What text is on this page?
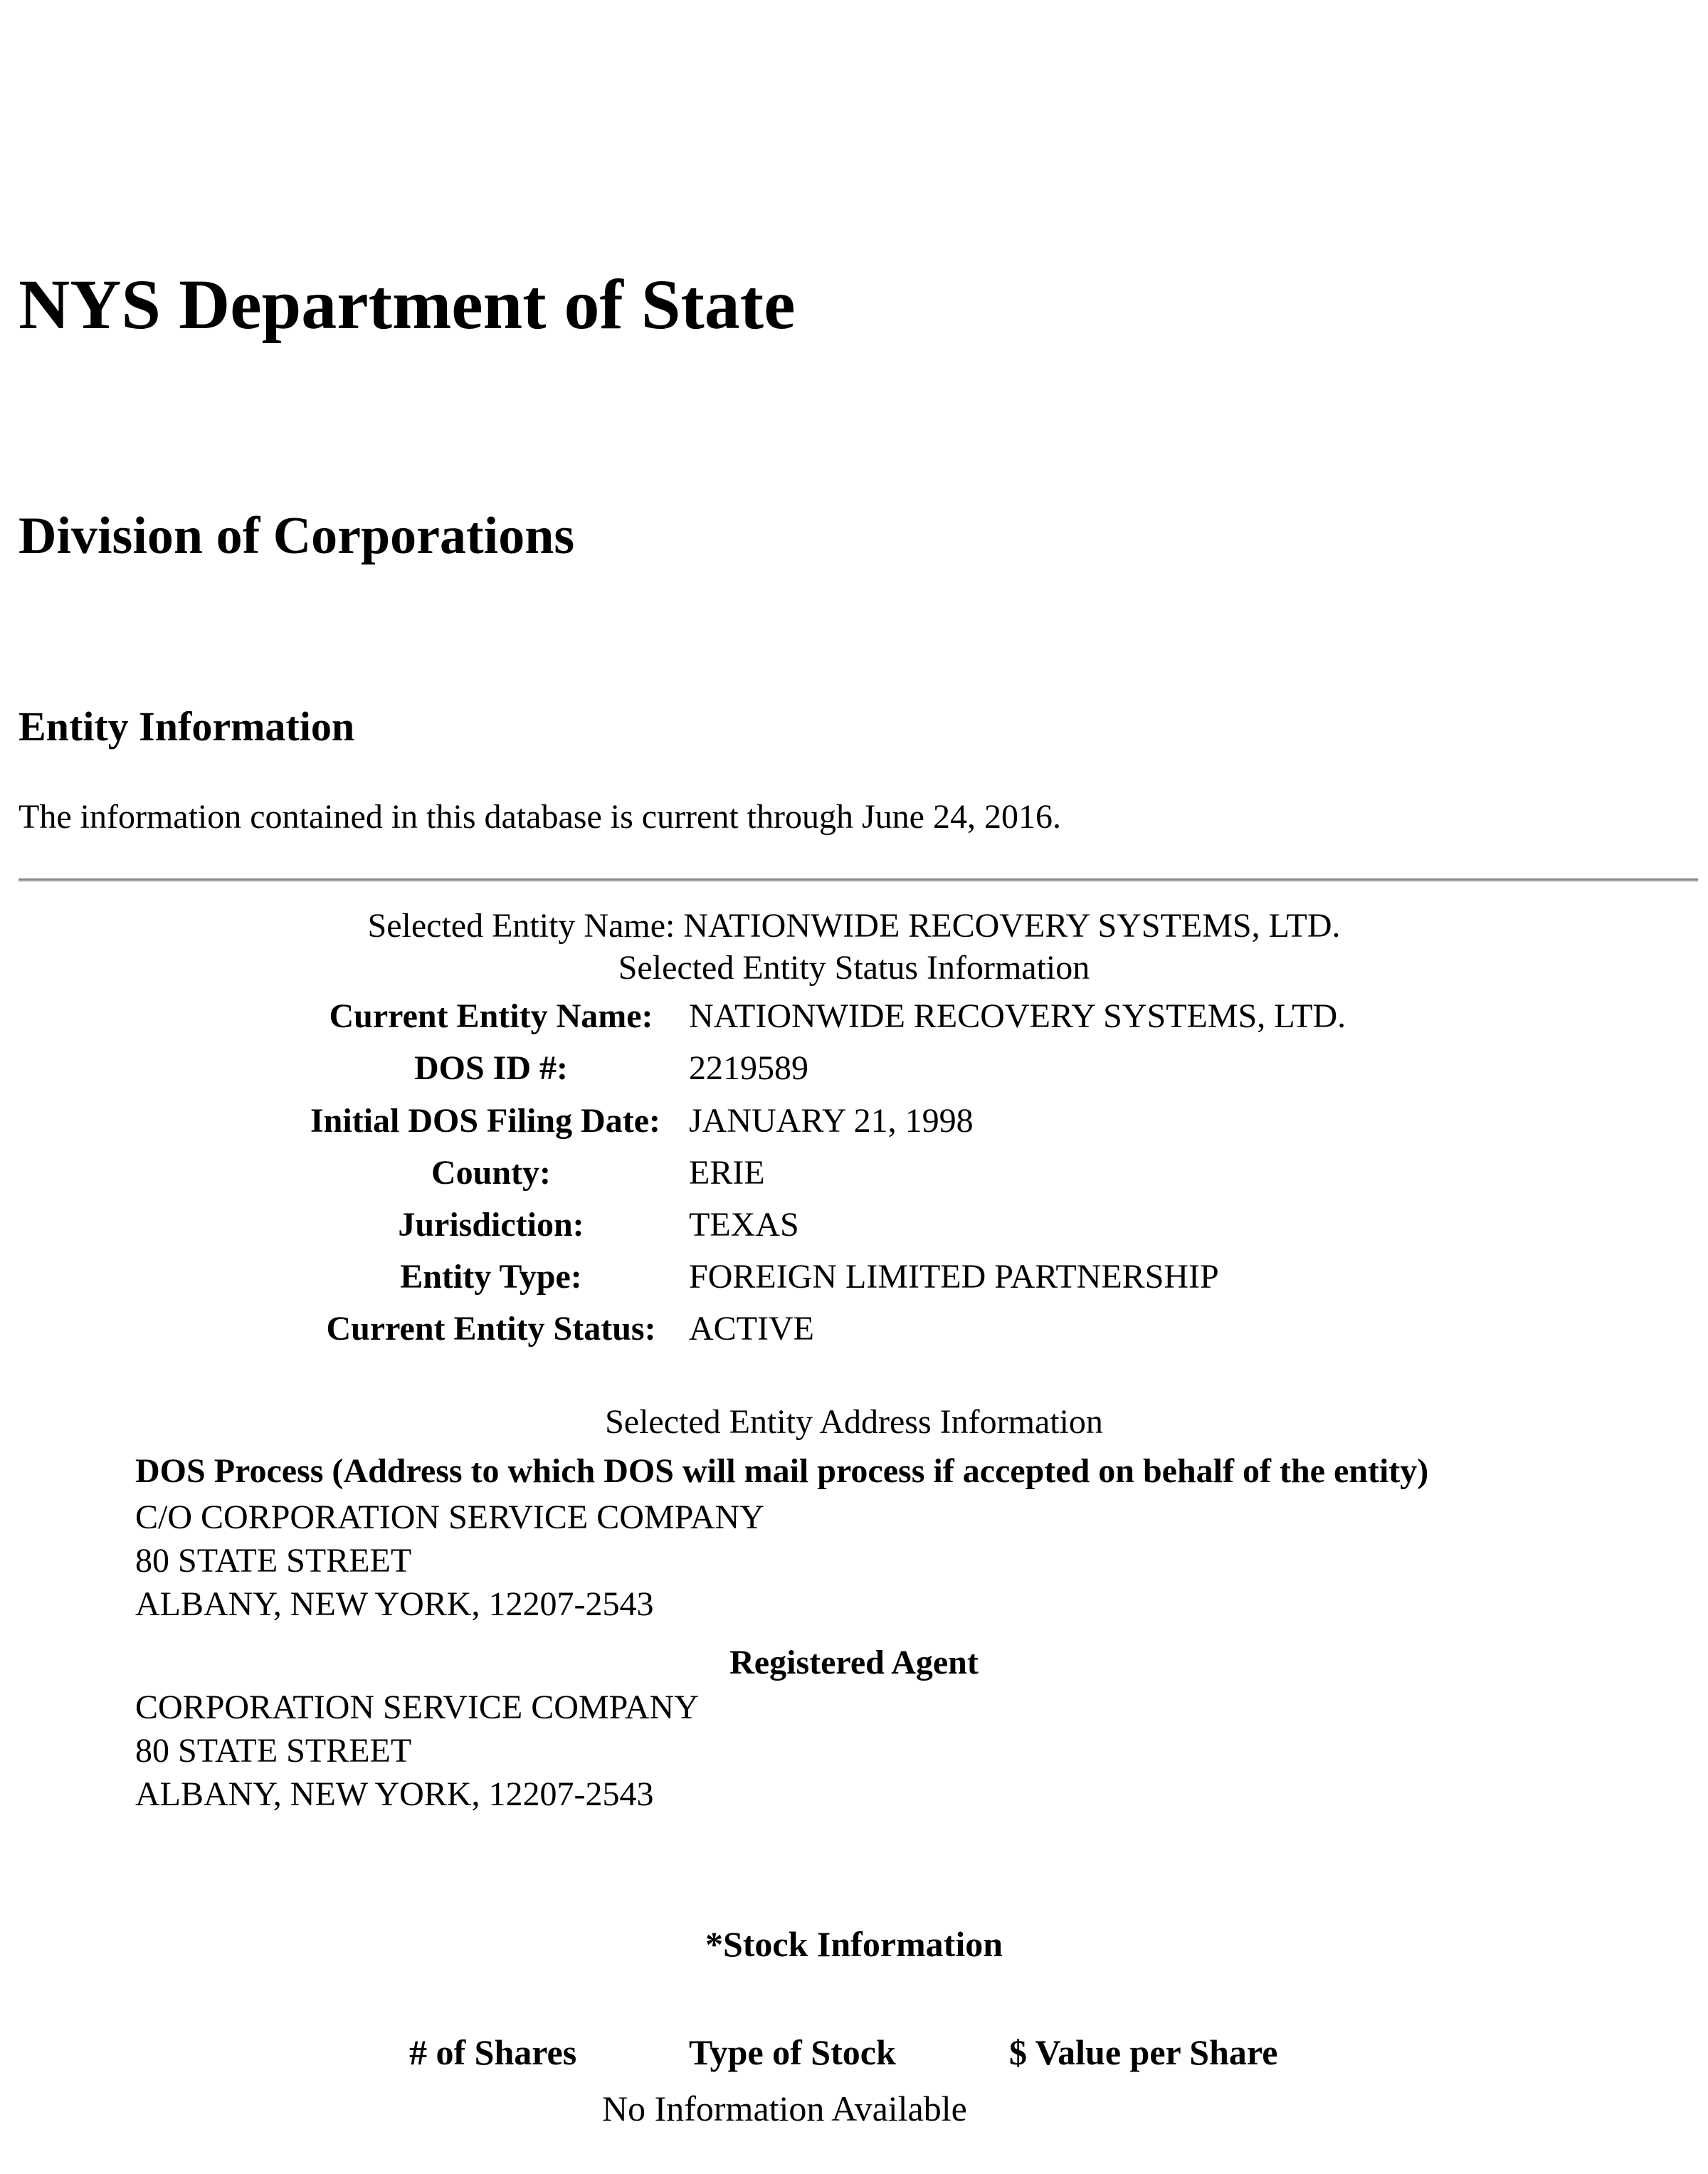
NYS Department of State
Division of Corporations
Entity Information
The information contained in this database is current through June 24, 2016.
Selected Entity Name: NATIONWIDE RECOVERY SYSTEMS, LTD.
Selected Entity Status Information
Current Entity Name:	NATIONWIDE RECOVERY SYSTEMS, LTD.
DOS ID #:	2219589
Initial DOS Filing Date: JANUARY 21, 1998
County:	ERIE
Jurisdiction:	TEXAS
Entity Type:	FOREIGN LIMITED PARTNERSHIP
Current Entity Status: ACTIVE
Selected Entity Address Information
DOS Process (Address to which DOS will mail process if accepted on behalf of the entity)
C/O CORPORATION SERVICE COMPANY
80 STATE STREET
ALBANY, NEW YORK, 12207-2543
Registered Agent
CORPORATION SERVICE COMPANY
80 STATE STREET
ALBANY, NEW YORK, 12207-2543
*Stock Information
# of Shares	Type of Stock	$ Value per Share
No Information Available
